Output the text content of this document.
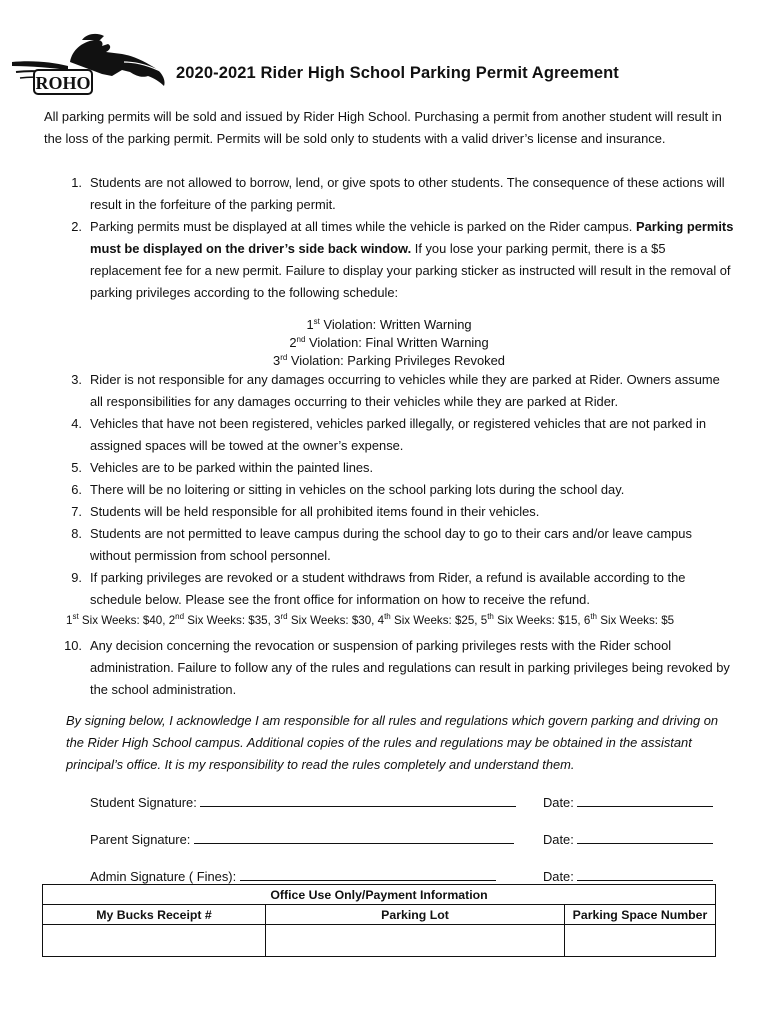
ROHO	2020-2021 Rider High School Parking Permit Agreement
All parking permits will be sold and issued by Rider High School. Purchasing a permit from another student will result in the loss of the parking permit. Permits will be sold only to students with a valid driver’s license and insurance.
1. Students are not allowed to borrow, lend, or give spots to other students. The consequence of these actions will result in the forfeiture of the parking permit.
2. Parking permits must be displayed at all times while the vehicle is parked on the Rider campus. Parking permits must be displayed on the driver’s side back window. If you lose your parking permit, there is a $5 replacement fee for a new permit. Failure to display your parking sticker as instructed will result in the removal of parking privileges according to the following schedule:
1st Violation: Written Warning
2nd Violation: Final Written Warning
3rd Violation: Parking Privileges Revoked
3. Rider is not responsible for any damages occurring to vehicles while they are parked at Rider. Owners assume all responsibilities for any damages occurring to their vehicles while they are parked at Rider.
4. Vehicles that have not been registered, vehicles parked illegally, or registered vehicles that are not parked in assigned spaces will be towed at the owner’s expense.
5. Vehicles are to be parked within the painted lines.
6. There will be no loitering or sitting in vehicles on the school parking lots during the school day.
7. Students will be held responsible for all prohibited items found in their vehicles.
8. Students are not permitted to leave campus during the school day to go to their cars and/or leave campus without permission from school personnel.
9. If parking privileges are revoked or a student withdraws from Rider, a refund is available according to the schedule below. Please see the front office for information on how to receive the refund.
1st Six Weeks: $40, 2nd Six Weeks: $35, 3rd Six Weeks: $30, 4th Six Weeks: $25, 5th Six Weeks: $15, 6th Six Weeks: $5
10. Any decision concerning the revocation or suspension of parking privileges rests with the Rider school administration. Failure to follow any of the rules and regulations can result in parking privileges being revoked by the school administration.
By signing below, I acknowledge I am responsible for all rules and regulations which govern parking and driving on the Rider High School campus. Additional copies of the rules and regulations may be obtained in the assistant principal’s office. It is my responsibility to read the rules completely and understand them.
Student Signature:	Date:
Parent Signature:	Date:
Admin Signature ( Fines):	Date:
Office Use Only/Payment Information		
My Bucks Receipt #	Parking Lot	Parking Space Number
